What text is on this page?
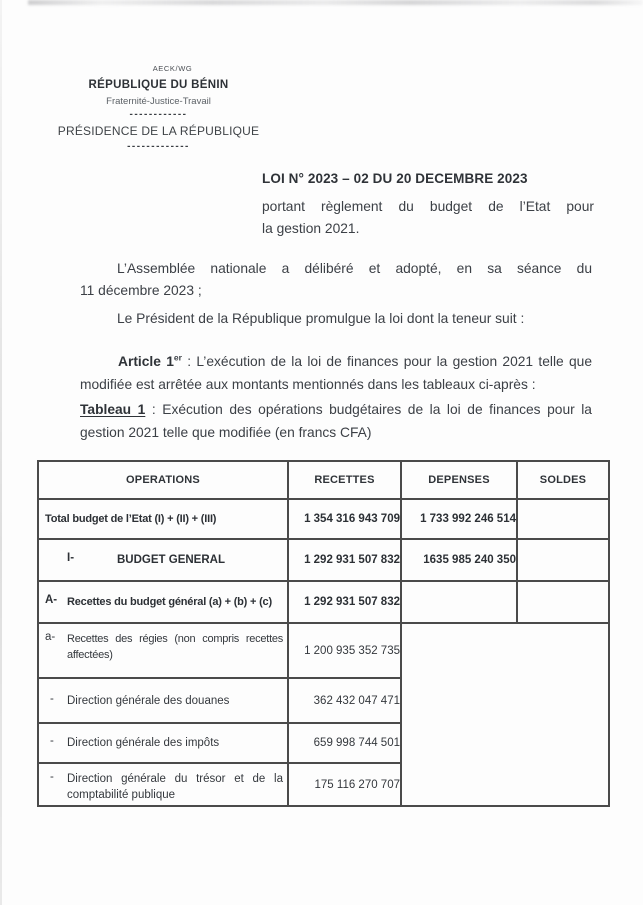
AECK/WG
RÉPUBLIQUE DU BÉNIN
Fraternité-Justice-Travail
------------
PRÉSIDENCE DE LA RÉPUBLIQUE
-------------
LOI N° 2023 – 02 DU 20 DECEMBRE 2023
portant règlement du budget de l’Etat pour
la gestion 2021.
L’Assemblée nationale a délibéré et adopté, en sa séance du
11 décembre 2023 ;
Le Président de la République promulgue la loi dont la teneur suit :
Article 1er : L’exécution de la loi de finances pour la gestion 2021 telle que
modifiée est arrêtée aux montants mentionnés dans les tableaux ci-après :
Tableau 1 : Exécution des opérations budgétaires de la loi de finances pour la
gestion 2021 telle que modifiée (en francs CFA)
OPERATIONS	RECETTES	DEPENSES	SOLDES

Total budget de l’Etat (I) + (II) + (III)	1 354 316 943 709	1 733 992 246 514	

I- BUDGET GENERAL	1 292 931 507 832	1635 985 240 350	

A- Recettes du budget général (a) + (b) + (c)	1 292 931 507 832		

a- Recettes des régies (non compris recettes affectées)	1 200 935 352 735		

- Direction générale des douanes	362 432 047 471		

- Direction générale des impôts	659 998 744 501		

- Direction générale du trésor et de la comptabilité publique	175 116 270 707		
